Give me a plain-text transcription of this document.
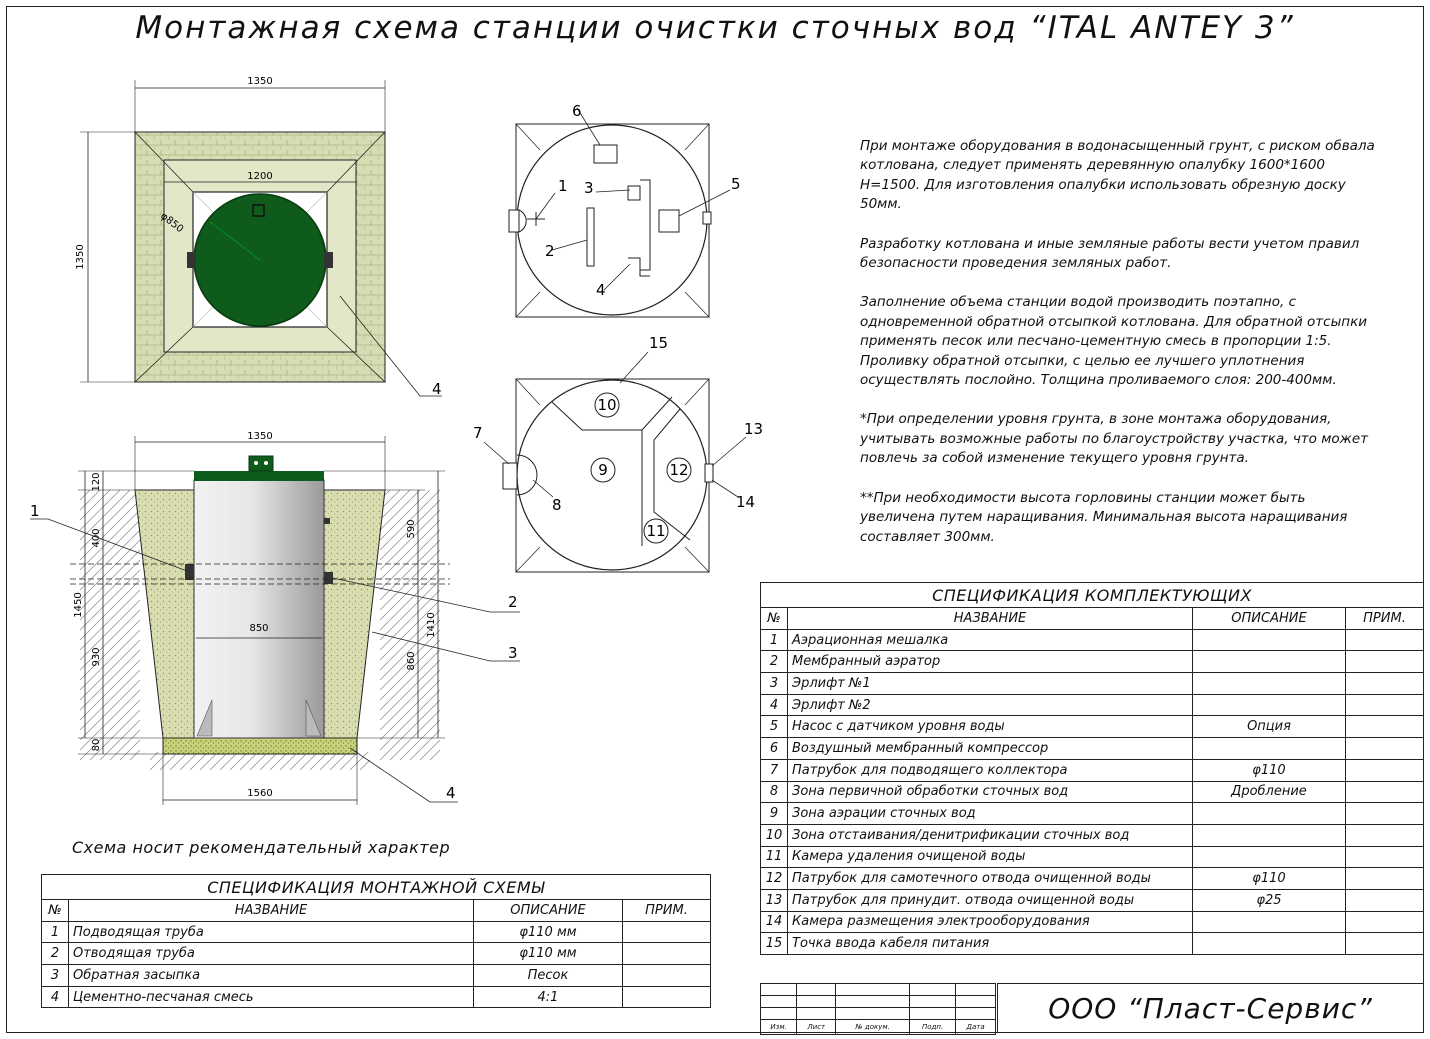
Монтажная схема станции очистки сточных вод “ITAL ANTEY 3”
φ850
1350
1200
1350
4
1350
850
1560
120
400
1450
930
80
590
1410
860
1
2
3
4
1
2
3
4
5
6
10
9	12
11
7
8
13
14
15

При монтаже оборудования в водонасыщенный грунт, с риском обвала котлована, следует применять деревянную опалубку 1600*1600 Н=1500. Для изготовления опалубки использовать обрезную доску 50мм.

Разработку котлована и иные земляные работы вести учетом правил безопасности проведения земляных работ.

Заполнение объема станции водой производить поэтапно, с одновременной обратной отсыпкой котлована. Для обратной отсыпки применять песок или песчано-цементную смесь в пропорции 1:5. Проливку обратной отсыпки, с целью ее лучшего уплотнения осуществлять послойно. Толщина проливаемого слоя: 200-400мм.

*При определении уровня грунта, в зоне монтажа оборудования, учитывать возможные работы по благоустройству участка, что может повлечь за собой изменение текущего уровня грунта.

**При необходимости высота горловины станции может быть увеличена путем наращивания. Минимальная высота наращивания составляет 300мм.

Схема носит рекомендательный характер
СПЕЦИФИКАЦИЯ МОНТАЖНОЙ СХЕМЫ			
№	НАЗВАНИЕ	ОПИСАНИЕ	ПРИМ.
1	Подводящая труба	φ110 мм	
2	Отводящая труба	φ110 мм	
3	Обратная засыпка	Песок	
4	Цементно-песчаная смесь	4:1	
СПЕЦИФИКАЦИЯ КОМПЛЕКТУЮЩИХ			
№	НАЗВАНИЕ	ОПИСАНИЕ	ПРИМ.
1	Аэрационная мешалка		
2	Мембранный аэратор		
3	Эрлифт №1		
4	Эрлифт №2		
5	Насос с датчиком уровня воды	Опция	
6	Воздушный мембранный компрессор		
7	Патрубок для подводящего коллектора	φ110	
8	Зона первичной обработки сточных вод	Дробление	
9	Зона аэрации сточных вод		
10	Зона отстаивания/денитрификации сточных вод		
11	Камера удаления очищеной воды		
12	Патрубок для самотечного отвода очищенной воды	φ110	
13	Патрубок для принудит. отвода очищенной воды	φ25	
14	Камера размещения электрооборудования		
15	Точка ввода кабеля питания		

Изм.	Лист	№ докум.	Подп.	Дата
ООО “Пласт-Сервис”
